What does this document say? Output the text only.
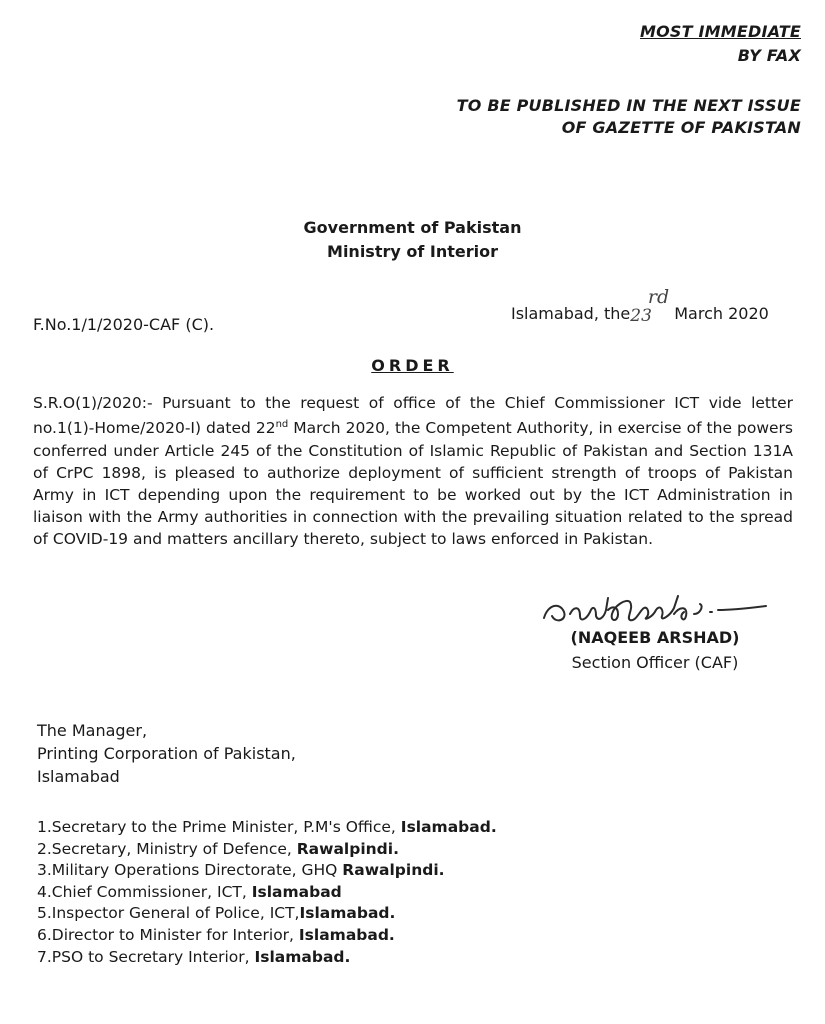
MOST IMMEDIATE
BY FAX
TO BE PUBLISHED IN THE NEXT ISSUE
OF GAZETTE OF PAKISTAN
Government of Pakistan
Ministry of Interior
F.No.1/1/2020-CAF (C).
Islamabad, the23rd March 2020
ORDER
S.R.O(1)/2020:- Pursuant to the request of office of the Chief Commissioner ICT vide letter no.1(1)-Home/2020-I) dated 22nd March 2020, the Competent Authority, in exercise of the powers conferred under Article 245 of the Constitution of Islamic Republic of Pakistan and Section 131A of CrPC 1898, is pleased to authorize deployment of sufficient strength of troops of Pakistan Army in ICT depending upon the requirement to be worked out by the ICT Administration in liaison with the Army authorities in connection with the prevailing situation related to the spread of COVID-19 and matters ancillary thereto, subject to laws enforced in Pakistan.
(NAQEEB ARSHAD)
Section Officer (CAF)
The Manager,
Printing Corporation of Pakistan,
Islamabad
1.Secretary to the Prime Minister, P.M's Office, Islamabad.
2.Secretary, Ministry of Defence, Rawalpindi.
3.Military Operations Directorate, GHQ Rawalpindi.
4.Chief Commissioner, ICT, Islamabad
5.Inspector General of Police, ICT,Islamabad.
6.Director to Minister for Interior, Islamabad.
7.PSO to Secretary Interior, Islamabad.
